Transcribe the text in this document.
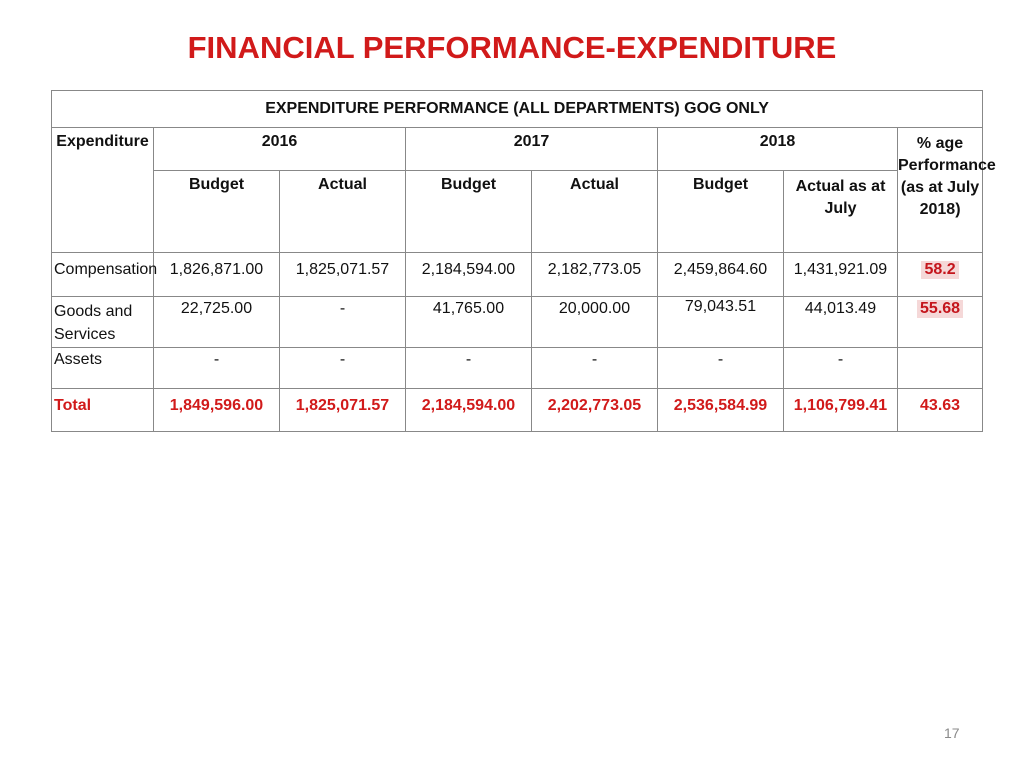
FINANCIAL PERFORMANCE-EXPENDITURE
EXPENDITURE PERFORMANCE (ALL DEPARTMENTS) GOG ONLY							
Expenditure	2016		2017		2018		% age Performance (as at July 2018)
	Budget	Actual	Budget	Actual	Budget	Actual as at July	
Compensation	1,826,871.00	1,825,071.57	2,184,594.00	2,182,773.05	2,459,864.60	1,431,921.09	58.2
Goods and Services	22,725.00	-	41,765.00	20,000.00	79,043.51	44,013.49	55.68
Assets	-	-	-	-	-	-	
Total	1,849,596.00	1,825,071.57	2,184,594.00	2,202,773.05	2,536,584.99	1,106,799.41	43.63
17
